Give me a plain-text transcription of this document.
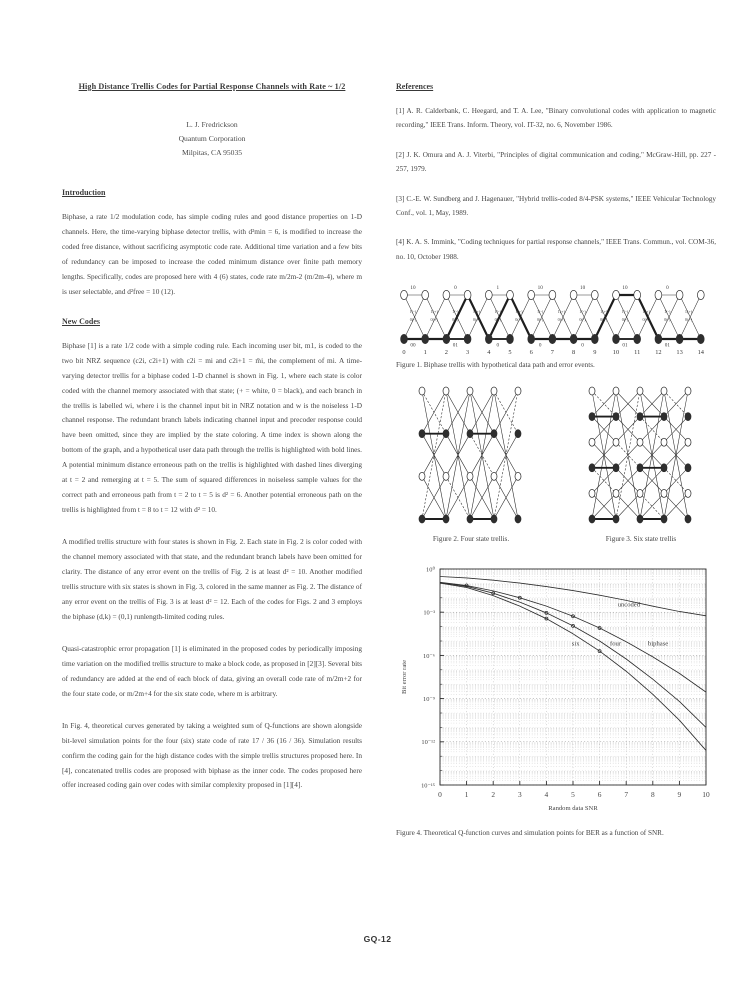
High Distance Trellis Codes for Partial Response Channels with Rate ~ 1/2
L. J. Fredrickson
Quantum Corporation
Milpitas, CA 95035
Introduction

Biphase, a rate 1/2 modulation code, has simple coding rules and good distance properties on 1-D channels. Here, the time-varying biphase detector trellis, with d²min = 6, is modified to increase the coded free distance, without sacrificing asymptotic code rate. Additional time variation and a few bits of redundancy can be imposed to increase the coded minimum distance over finite path memory lengths. Specifically, codes are proposed here with 4 (6) states, code rate m/2m-2 (m/2m-4), where m is user selectable, and d²free = 10 (12).

New Codes

Biphase [1] is a rate 1/2 code with a simple coding rule. Each incoming user bit, m1, is coded to the two bit NRZ sequence (c2i, c2i+1) with c2i = mi and c2i+1 = m̄i, the complement of mi. A time-varying detector trellis for a biphase coded 1-D channel is shown in Fig. 1, where each state is color coded with the channel memory associated with that state; (+ = white, 0 = black), and each branch in the trellis is labelled wi, where i is the channel input bit in NRZ notation and w is the noiseless 1-D channel response. The redundant branch labels indicating channel input and precoder response could have been omitted, since they are implied by the state coloring. A time index is shown along the bottom of the graph, and a hypothetical user data path through the trellis is highlighted with bold lines. A potential minimum distance erroneous path on the trellis is highlighted with dashed lines diverging at t = 2 and remerging at t = 5. The sum of squared differences in noiseless sample values for the correct path and erroneous path from t = 2 to t = 5 is d² = 6. Another potential erroneous path on the trellis is highlighted from t = 8 to t = 12 with d² = 10.

A modified trellis structure with four states is shown in Fig. 2. Each state in Fig. 2 is color coded with the channel memory associated with that state, and the redundant branch labels have been omitted for clarity. The distance of any error event on the trellis of Fig. 2 is at least d² = 10. Another modified trellis structure with six states is shown in Fig. 3, colored in the same manner as Fig. 2. The distance of any error event on the trellis of Fig. 3 is at least d² = 12. Each of the codes for Figs. 2 and 3 employs the biphase (d,k) = (0,1) runlength-limited coding rules.

Quasi-catastrophic error propagation [1] is eliminated in the proposed codes by periodically imposing time variation on the modified trellis structure to make a block code, as proposed in [2][3]. Several bits of redundancy are added at the end of each block of data, giving an overall code rate of m/2m+2 for the four state code, or m/2m+4 for the six state code, where m is arbitrary.

In Fig. 4, theoretical curves generated by taking a weighted sum of Q-functions are shown alongside bit-level simulation points for the four (six) state code of rate 17 / 36 (16 / 36). Simulation results confirm the coding gain for the high distance codes with the simple trellis structures proposed here. In [4], concatenated trellis codes are proposed with biphase as the inner code. The codes proposed here offer increased coding gain over codes with similar complexity proposed in [1][4].

References

[1] A. R. Calderbank, C. Heegard, and T. A. Lee, "Binary convolutional codes with application to magnetic recording," IEEE Trans. Inform. Theory, vol. IT-32, no. 6, November 1986.

[2] J. K. Omura and A. J. Viterbi, "Principles of digital communication and coding," McGraw-Hill, pp. 227 - 257, 1979.

[3] C.-E. W. Sundberg and J. Hagenauer, "Hybrid trellis-coded 8/4-PSK systems," IEEE Vehicular Technology Conf., vol. 1, May, 1989.

[4] K. A. S. Immink, "Coding techniques for partial response channels," IEEE Trans. Commun., vol. COM-36, no. 10, October 1988.

10	0	1	10	10	10	0
00	01	0	0	0	01	01
1(-)
0(-)
1(+)
0(+)
1(-)
0(-)
1(+)
0(+)
1(-)
0(-)
1(+)
0(+)
1(-)
0(-)
1(+)
0(+)
1(-)
0(-)
1(+)
0(+)
1(-)
0(-)
1(+)
0(+)
1(-)
0(-)
1(+)
0(+)
0	1	2	3	4	5	6	7	8	9	10 11 12 13 14
Figure 1. Biphase trellis with hypothetical data path and error events.
Figure 2. Four state trellis.	Figure 3. Six state trellis
uncoded
biphase
four
six
10⁰
10⁻³
10⁻⁶
10⁻⁹
10⁻¹²
10⁻¹⁵
0	1	2	3	4	5	6	7	8	9	10
Random data SNR
Bit error rate
Figure 4. Theoretical Q-function curves and simulation points for BER as a function of SNR.
GQ-12
